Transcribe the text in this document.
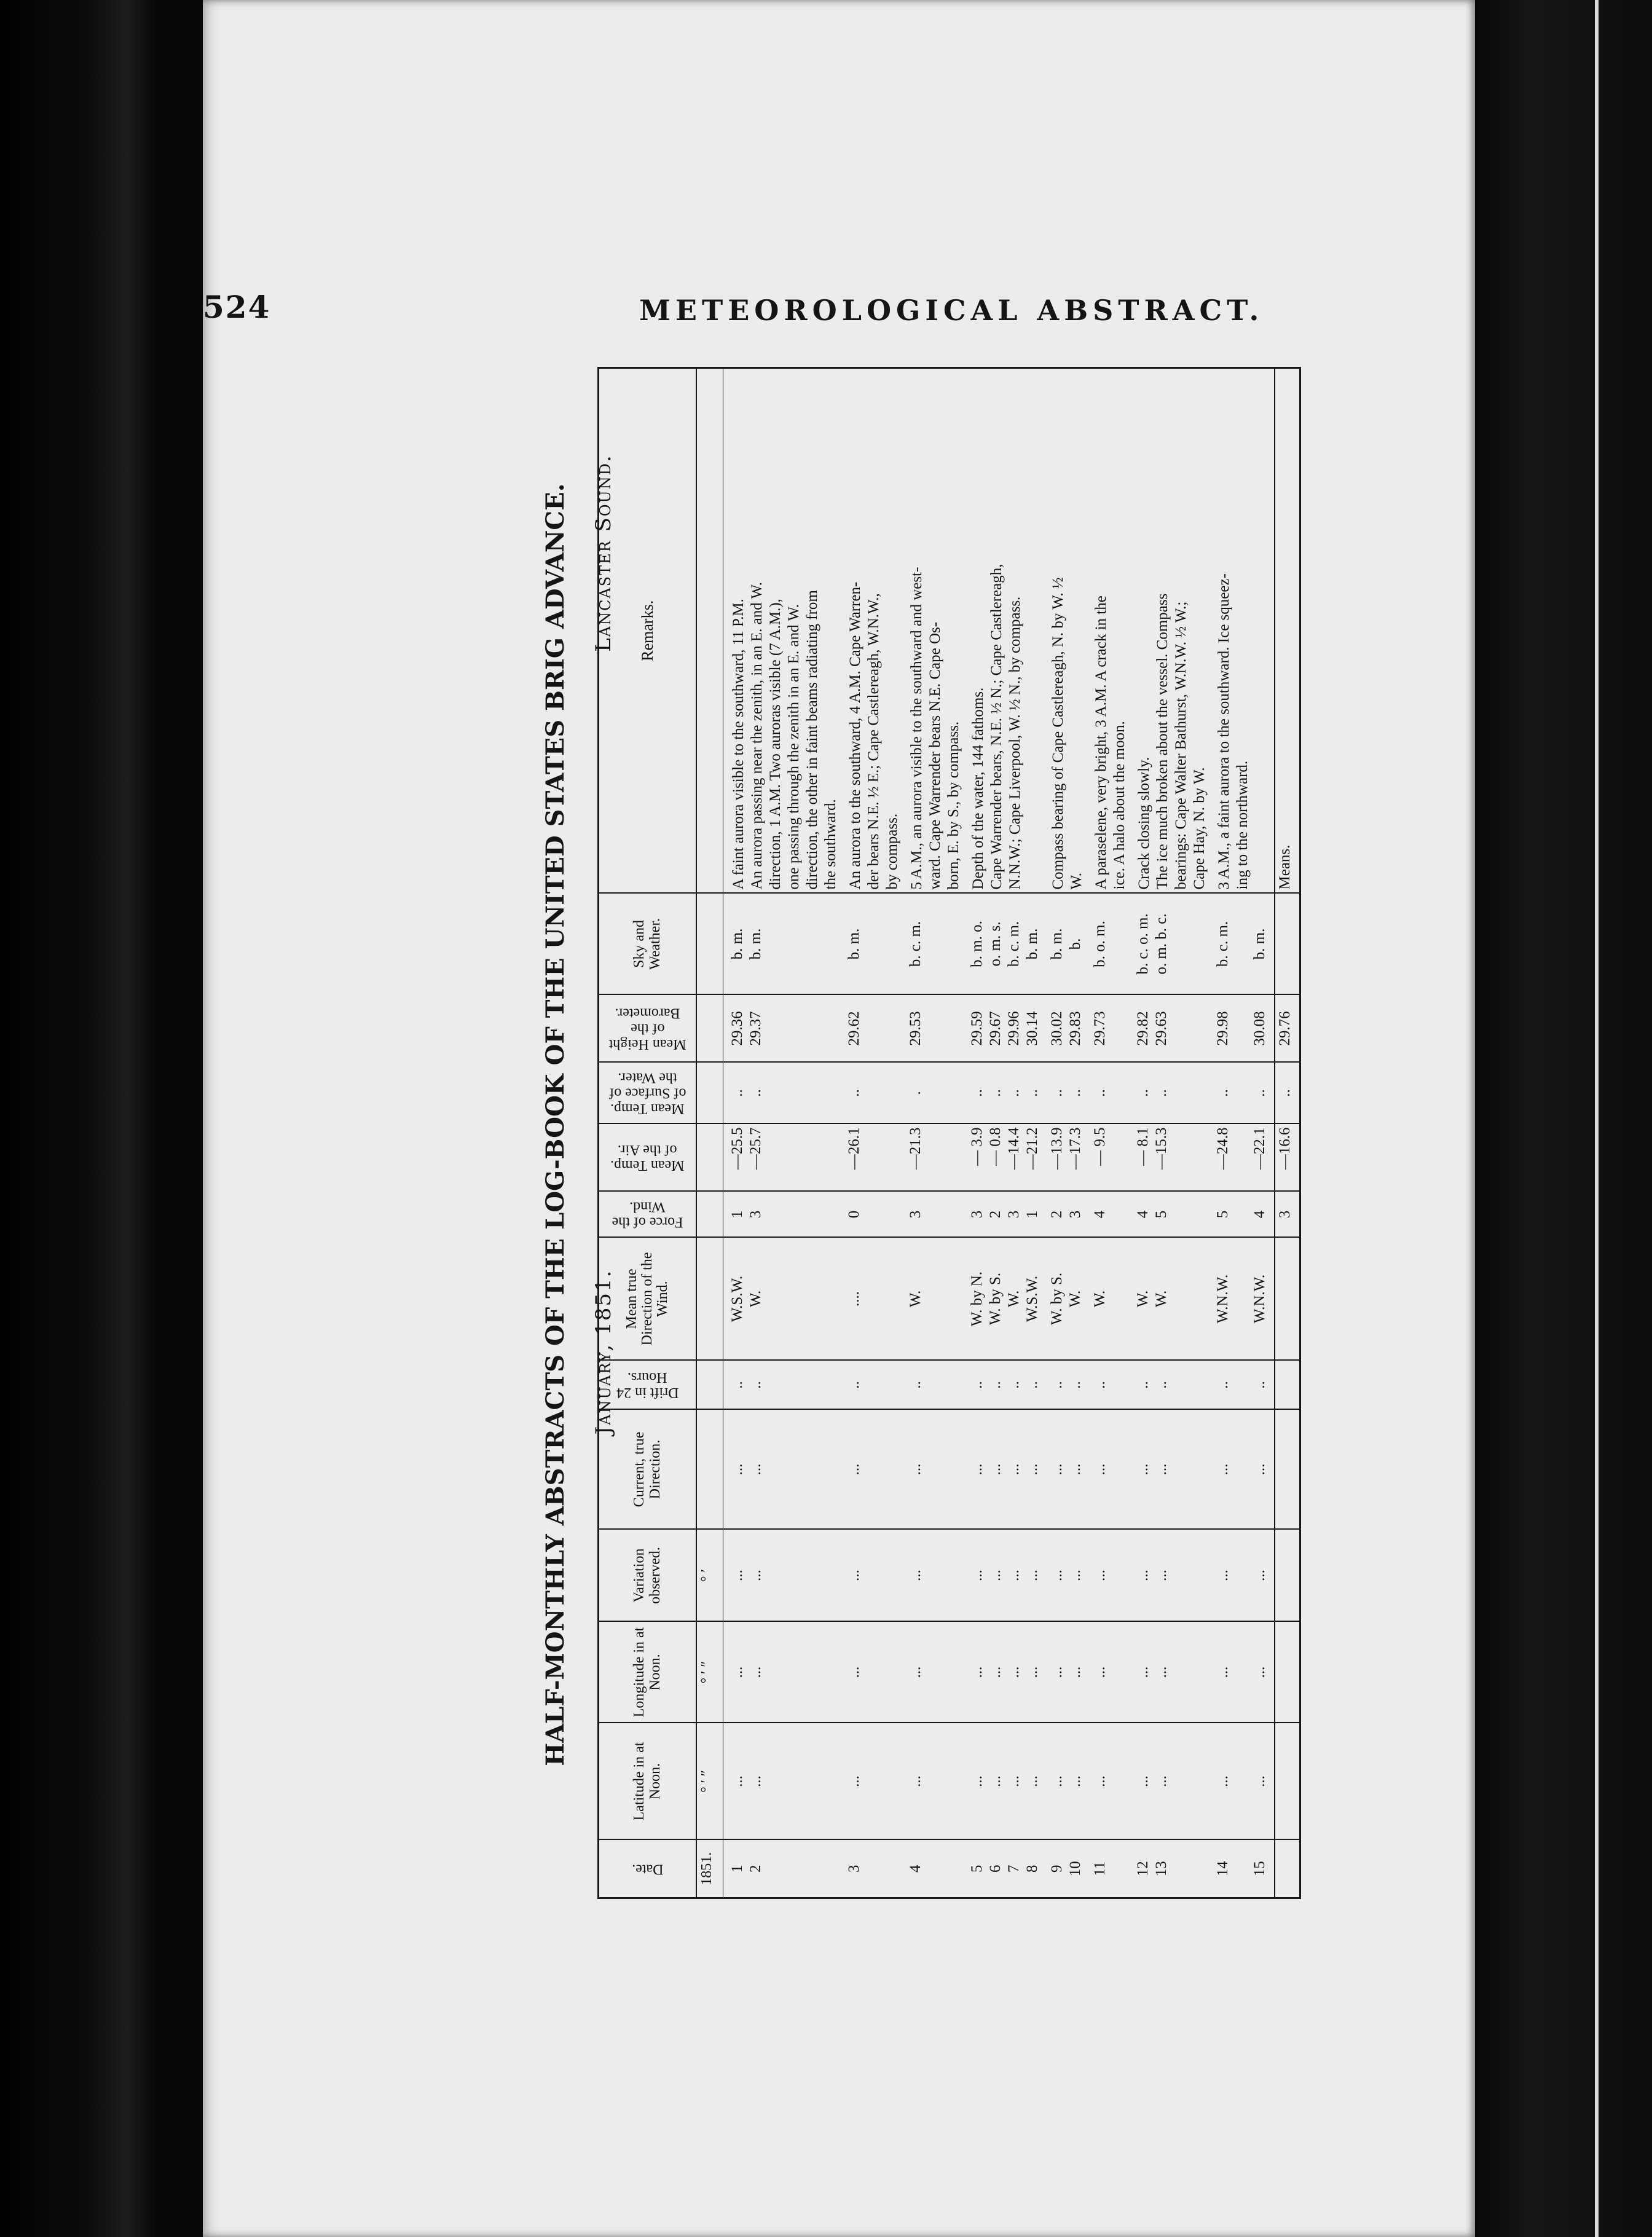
524	METEOROLOGICAL ABSTRACT.
HALF-MONTHLY ABSTRACTS OF THE LOG-BOOK OF THE UNITED STATES BRIG ADVANCE. January, 1851.
Lancaster Sound.
Date.	Latitude in at Noon.	Longitude in at Noon.	Variation observed.	Current, true Direction.	Drift in 24 Hours.	Mean true Direction of the Wind.	Force of the Wind.	Mean Temp. of the Air.	Mean Temp. of Surface of the Water.	Mean Height of the Barometer.	Sky and Weather.	Remarks.
1851.	° ′ ″	° ′ ″	° ′									

1	...	...	...	...	..	W.S.W.	1	—25.5	..	29.36	b. m.	A faint aurora visible to the southward, 11 P.M.
2	...	...	...	...	..	W.	3	—25.7	..	29.37	b. m.	An aurora passing near the zenith, in an E. and W.
												direction, 1 A.M. Two auroras visible (7 A.M.),
												one passing through the zenith in an E. and W.
												direction, the other in faint beams radiating from
												the southward.

3	...	...	...	...	..	....	0	—26.1	..	29.62	b. m.	An aurora to the southward, 4 A.M. Cape Warren-
												der bears N.E. ½ E.; Cape Castlereagh, W.N.W.,
												by compass.

4	...	...	...	...	..	W.	3	—21.3	.	29.53	b. c. m.	5 A.M., an aurora visible to the southward and west-
												ward. Cape Warrender bears N.E. Cape Os-
												born, E. by S., by compass.

5	...	...	...	...	..	W. by N.	3	— 3.9	..	29.59	b. m. o.	Depth of the water, 144 fathoms.
6	...	...	...	...	..	W. by S.	2	— 0.8	..	29.67	o. m. s.	Cape Warrender bears, N.E. ½ N.; Cape Castlereagh,
7	...	...	...	...	..	W.	3	—14.4	..	29.96	b. c. m.	N.N.W.; Cape Liverpool, W. ½ N., by compass.
8	...	...	...	...	..	W.S.W.	1	—21.2	..	30.14	b. m.	

9	...	...	...	...	..	W. by S.	2	—13.9	..	30.02	b. m.	Compass bearing of Cape Castlereagh, N. by W. ½
10	...	...	...	...	..	W.	3	—17.3	..	29.83	b.	W.

11	...	...	...	...	..	W.	4	— 9.5	..	29.73	b. o. m.	A paraselene, very bright, 3 A.M. A crack in the
												ice. A halo about the moon.

12	...	...	...	...	..	W.	4	— 8.1	..	29.82	b. c. o. m.	Crack closing slowly.
13	...	...	...	...	..	W.	5	—15.3	..	29.63	o. m. b. c.	The ice much broken about the vessel. Compass
												bearings: Cape Walter Bathurst, W.N.W. ½ W.;
												Cape Hay, N. by W.

14	...	...	...	...	..	W.N.W.	5	—24.8	..	29.98	b. c. m.	3 A.M., a faint aurora to the southward. Ice squeez-
												ing to the northward.
15	...	...	...	...	..	W.N.W.	4	—22.1	..	30.08	b. m.	

							3	—16.6	..	29.76		Means.
